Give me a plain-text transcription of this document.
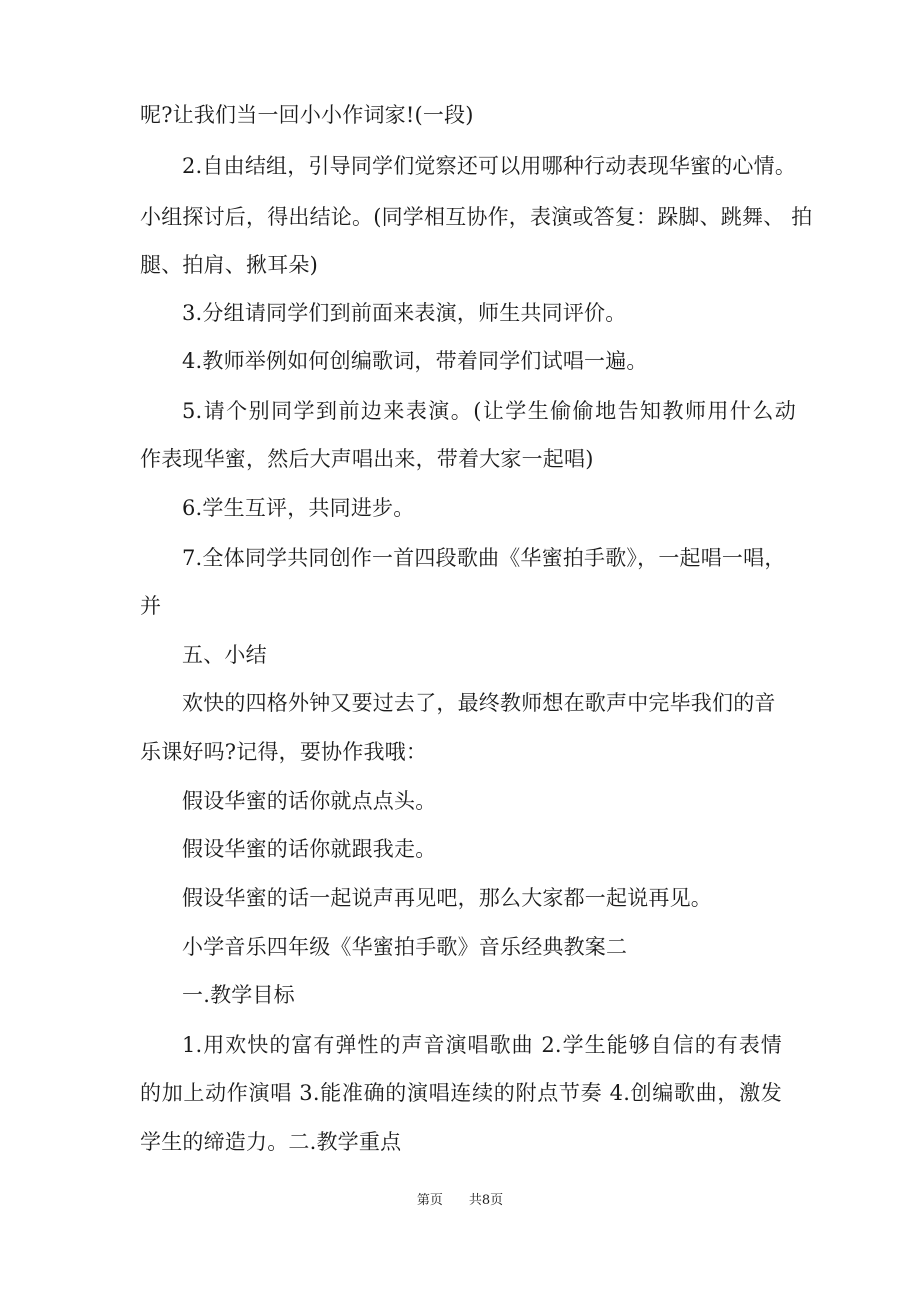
呢?让我们当一回小小作词家!(一段)
2.自由结组，引导同学们觉察还可以用哪种行动表现华蜜的心情。
小组探讨后，得出结论。(同学相互协作，表演或答复：跺脚、跳舞、 拍
腿、拍肩、揪耳朵)
3.分组请同学们到前面来表演，师生共同评价。
4.教师举例如何创编歌词，带着同学们试唱一遍。
5.请个别同学到前边来表演。(让学生偷偷地告知教师用什么动
作表现华蜜，然后大声唱出来，带着大家一起唱)
6.学生互评，共同进步。
7.全体同学共同创作一首四段歌曲《华蜜拍手歌》，一起唱一唱，
并
五、小结
欢快的四格外钟又要过去了，最终教师想在歌声中完毕我们的音
乐课好吗?记得，要协作我哦：
假设华蜜的话你就点点头。
假设华蜜的话你就跟我走。
假设华蜜的话一起说声再见吧，那么大家都一起说再见。
小学音乐四年级《华蜜拍手歌》音乐经典教案二
一.教学目标
1.用欢快的富有弹性的声音演唱歌曲 2.学生能够自信的有表情
的加上动作演唱 3.能准确的演唱连续的附点节奏 4.创编歌曲，激发
学生的缔造力。二.教学重点
第页 共8页
